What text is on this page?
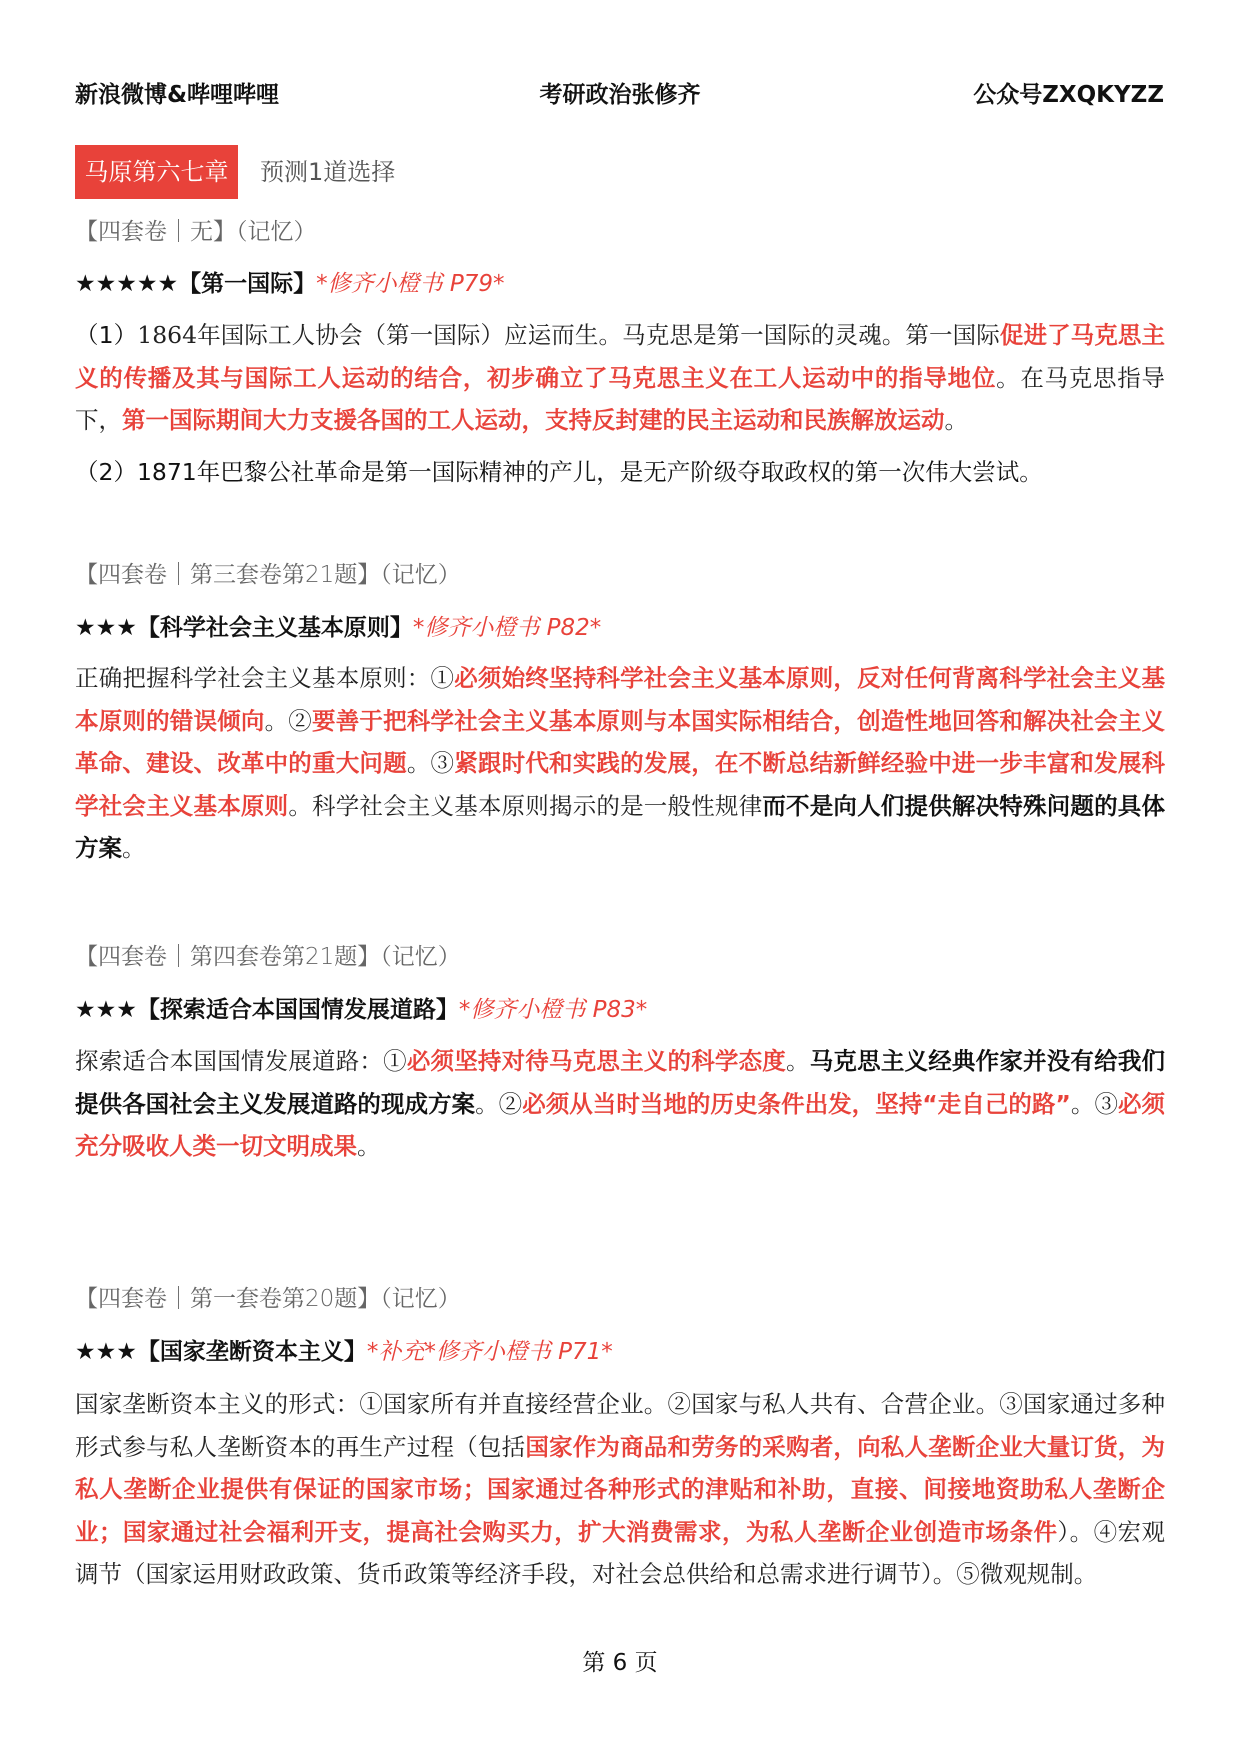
新浪微博&哔哩哔哩	考研政治张修齐	公众号ZXQKYZZ
马原第六七章	预测1道选择
【四套卷｜无】（记忆）
★★★★★【第一国际】*修齐小橙书 P79*
（1）1864年国际工人协会（第一国际）应运而生。马克思是第一国际的灵魂。第一国际促进了马克思主义的传播及其与国际工人运动的结合，初步确立了马克思主义在工人运动中的指导地位。在马克思指导下，第一国际期间大力支援各国的工人运动，支持反封建的民主运动和民族解放运动。
（2）1871年巴黎公社革命是第一国际精神的产儿，是无产阶级夺取政权的第一次伟大尝试。
【四套卷｜第三套卷第21题】（记忆）
★★★【科学社会主义基本原则】*修齐小橙书 P82*
正确把握科学社会主义基本原则：①必须始终坚持科学社会主义基本原则，反对任何背离科学社会主义基本原则的错误倾向。②要善于把科学社会主义基本原则与本国实际相结合，创造性地回答和解决社会主义革命、建设、改革中的重大问题。③紧跟时代和实践的发展，在不断总结新鲜经验中进一步丰富和发展科学社会主义基本原则。科学社会主义基本原则揭示的是一般性规律而不是向人们提供解决特殊问题的具体方案。
【四套卷｜第四套卷第21题】（记忆）
★★★【探索适合本国国情发展道路】*修齐小橙书 P83*
探索适合本国国情发展道路：①必须坚持对待马克思主义的科学态度。马克思主义经典作家并没有给我们提供各国社会主义发展道路的现成方案。②必须从当时当地的历史条件出发，坚持“走自己的路”。③必须充分吸收人类一切文明成果。
【四套卷｜第一套卷第20题】（记忆）
★★★【国家垄断资本主义】*补充*修齐小橙书 P71*
国家垄断资本主义的形式：①国家所有并直接经营企业。②国家与私人共有、合营企业。③国家通过多种形式参与私人垄断资本的再生产过程（包括国家作为商品和劳务的采购者，向私人垄断企业大量订货，为私人垄断企业提供有保证的国家市场；国家通过各种形式的津贴和补助，直接、间接地资助私人垄断企业；国家通过社会福利开支，提高社会购买力，扩大消费需求，为私人垄断企业创造市场条件）。④宏观调节（国家运用财政政策、货币政策等经济手段，对社会总供给和总需求进行调节）。⑤微观规制。
第 6 页
